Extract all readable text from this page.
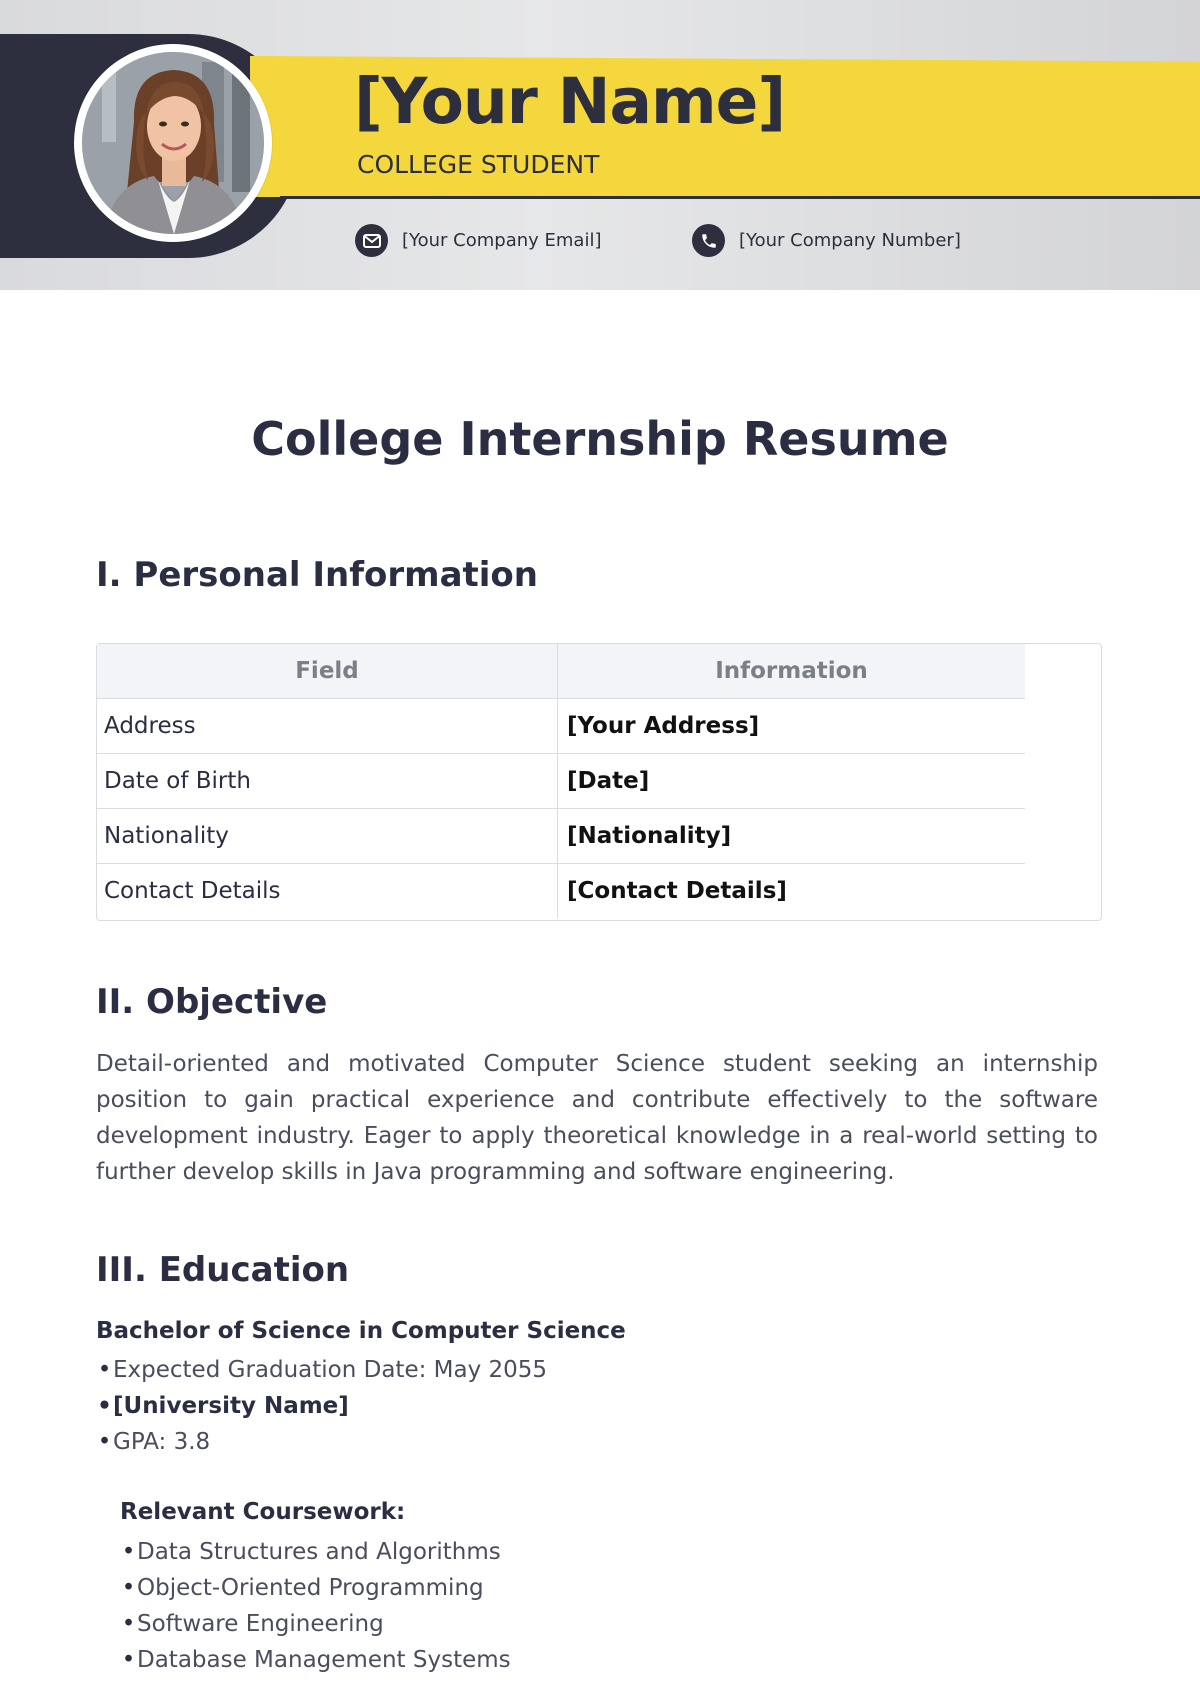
[Your Name]
COLLEGE STUDENT
[Your Company Email]	[Your Company Number]
College Internship Resume
I. Personal Information
Field	Information
Address	[Your Address]
Date of Birth	[Date]
Nationality	[Nationality]
Contact Details	[Contact Details]
II. Objective
Detail-oriented and motivated Computer Science student seeking an internship position to gain practical experience and contribute effectively to the software development industry. Eager to apply theoretical knowledge in a real-world setting to further develop skills in Java programming and software engineering.
III. Education
Bachelor of Science in Computer Science
• Expected Graduation Date: May 2055
• [University Name]
• GPA: 3.8
Relevant Coursework:
• Data Structures and Algorithms
• Object-Oriented Programming
• Software Engineering
• Database Management Systems
